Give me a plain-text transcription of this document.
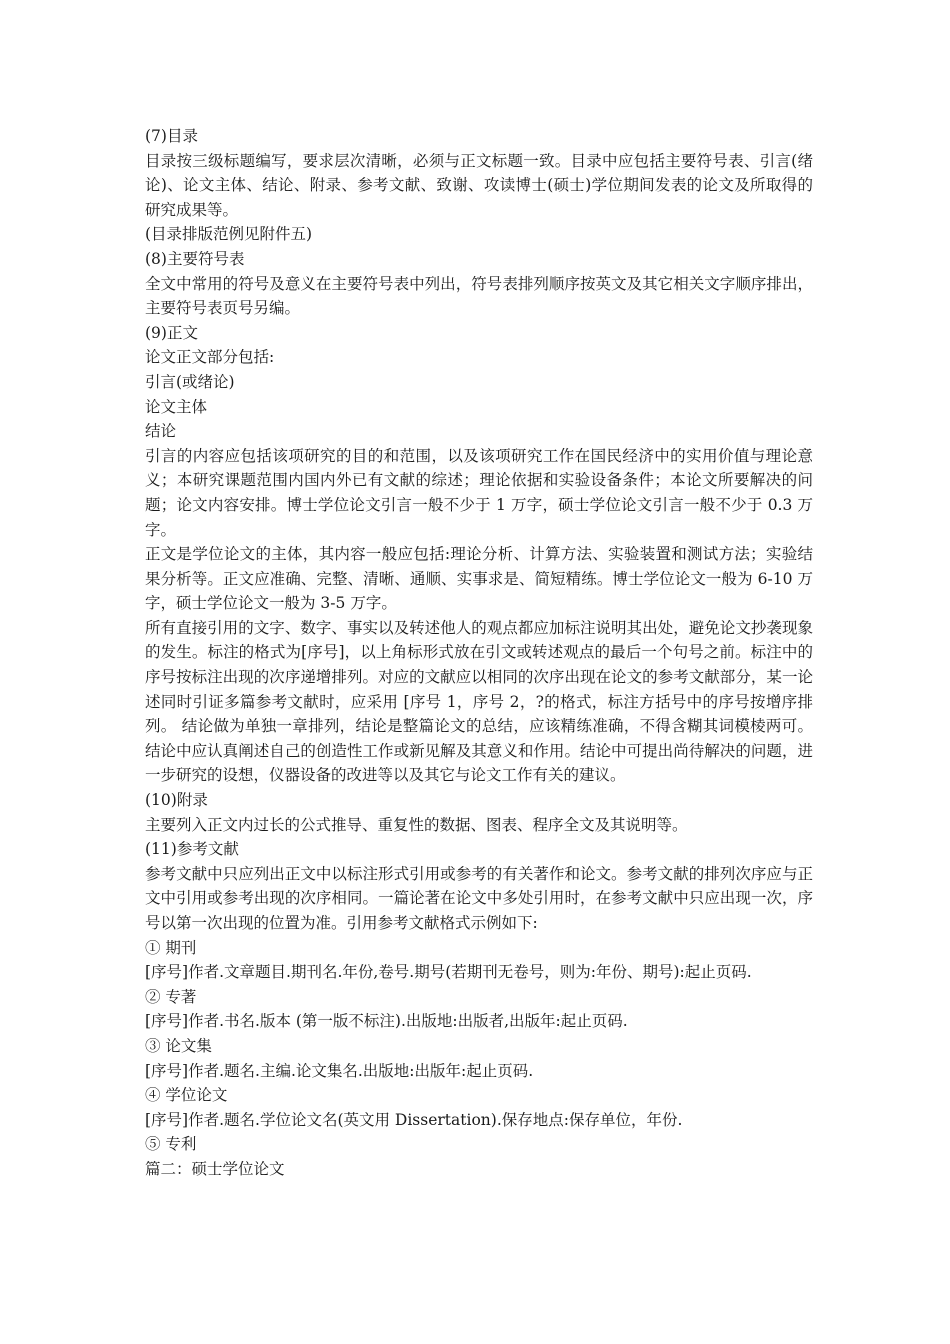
(7)目录
目录按三级标题编写，要求层次清晰，必须与正文标题一致。目录中应包括主要符号表、引言(绪论)、论文主体、结论、附录、参考文献、致谢、攻读博士(硕士)学位期间发表的论文及所取得的研究成果等。
(目录排版范例见附件五)
(8)主要符号表
全文中常用的符号及意义在主要符号表中列出，符号表排列顺序按英文及其它相关文字顺序排出，主要符号表页号另编。
(9)正文
论文正文部分包括:
引言(或绪论)
论文主体
结论
引言的内容应包括该项研究的目的和范围，以及该项研究工作在国民经济中的实用价值与理论意义；本研究课题范围内国内外已有文献的综述；理论依据和实验设备条件；本论文所要解决的问题；论文内容安排。博士学位论文引言一般不少于 1 万字，硕士学位论文引言一般不少于 0.3 万字。
正文是学位论文的主体，其内容一般应包括:理论分析、计算方法、实验装置和测试方法；实验结果分析等。正文应准确、完整、清晰、通顺、实事求是、简短精练。博士学位论文一般为 6-10 万字，硕士学位论文一般为 3-5 万字。
所有直接引用的文字、数字、事实以及转述他人的观点都应加标注说明其出处，避免论文抄袭现象的发生。标注的格式为[序号]，以上角标形式放在引文或转述观点的最后一个句号之前。标注中的序号按标注出现的次序递增排列。对应的文献应以相同的次序出现在论文的参考文献部分，某一论述同时引证多篇参考文献时，应采用 [序号 1，序号 2，?的格式，标注方括号中的序号按增序排列。 结论做为单独一章排列，结论是整篇论文的总结，应该精练准确，不得含糊其词模棱两可。结论中应认真阐述自己的创造性工作或新见解及其意义和作用。结论中可提出尚待解决的问题，进一步研究的设想，仪器设备的改进等以及其它与论文工作有关的建议。
(10)附录
主要列入正文内过长的公式推导、重复性的数据、图表、程序全文及其说明等。
(11)参考文献
参考文献中只应列出正文中以标注形式引用或参考的有关著作和论文。参考文献的排列次序应与正文中引用或参考出现的次序相同。一篇论著在论文中多处引用时，在参考文献中只应出现一次，序号以第一次出现的位置为准。引用参考文献格式示例如下:
① 期刊
[序号]作者.文章题目.期刊名.年份,卷号.期号(若期刊无卷号，则为:年份、期号):起止页码.
② 专著
[序号]作者.书名.版本 (第一版不标注).出版地:出版者,出版年:起止页码.
③ 论文集
[序号]作者.题名.主编.论文集名.出版地:出版年:起止页码.
④ 学位论文
[序号]作者.题名.学位论文名(英文用 Dissertation).保存地点:保存单位，年份.
⑤ 专利
篇二：硕士学位论文
